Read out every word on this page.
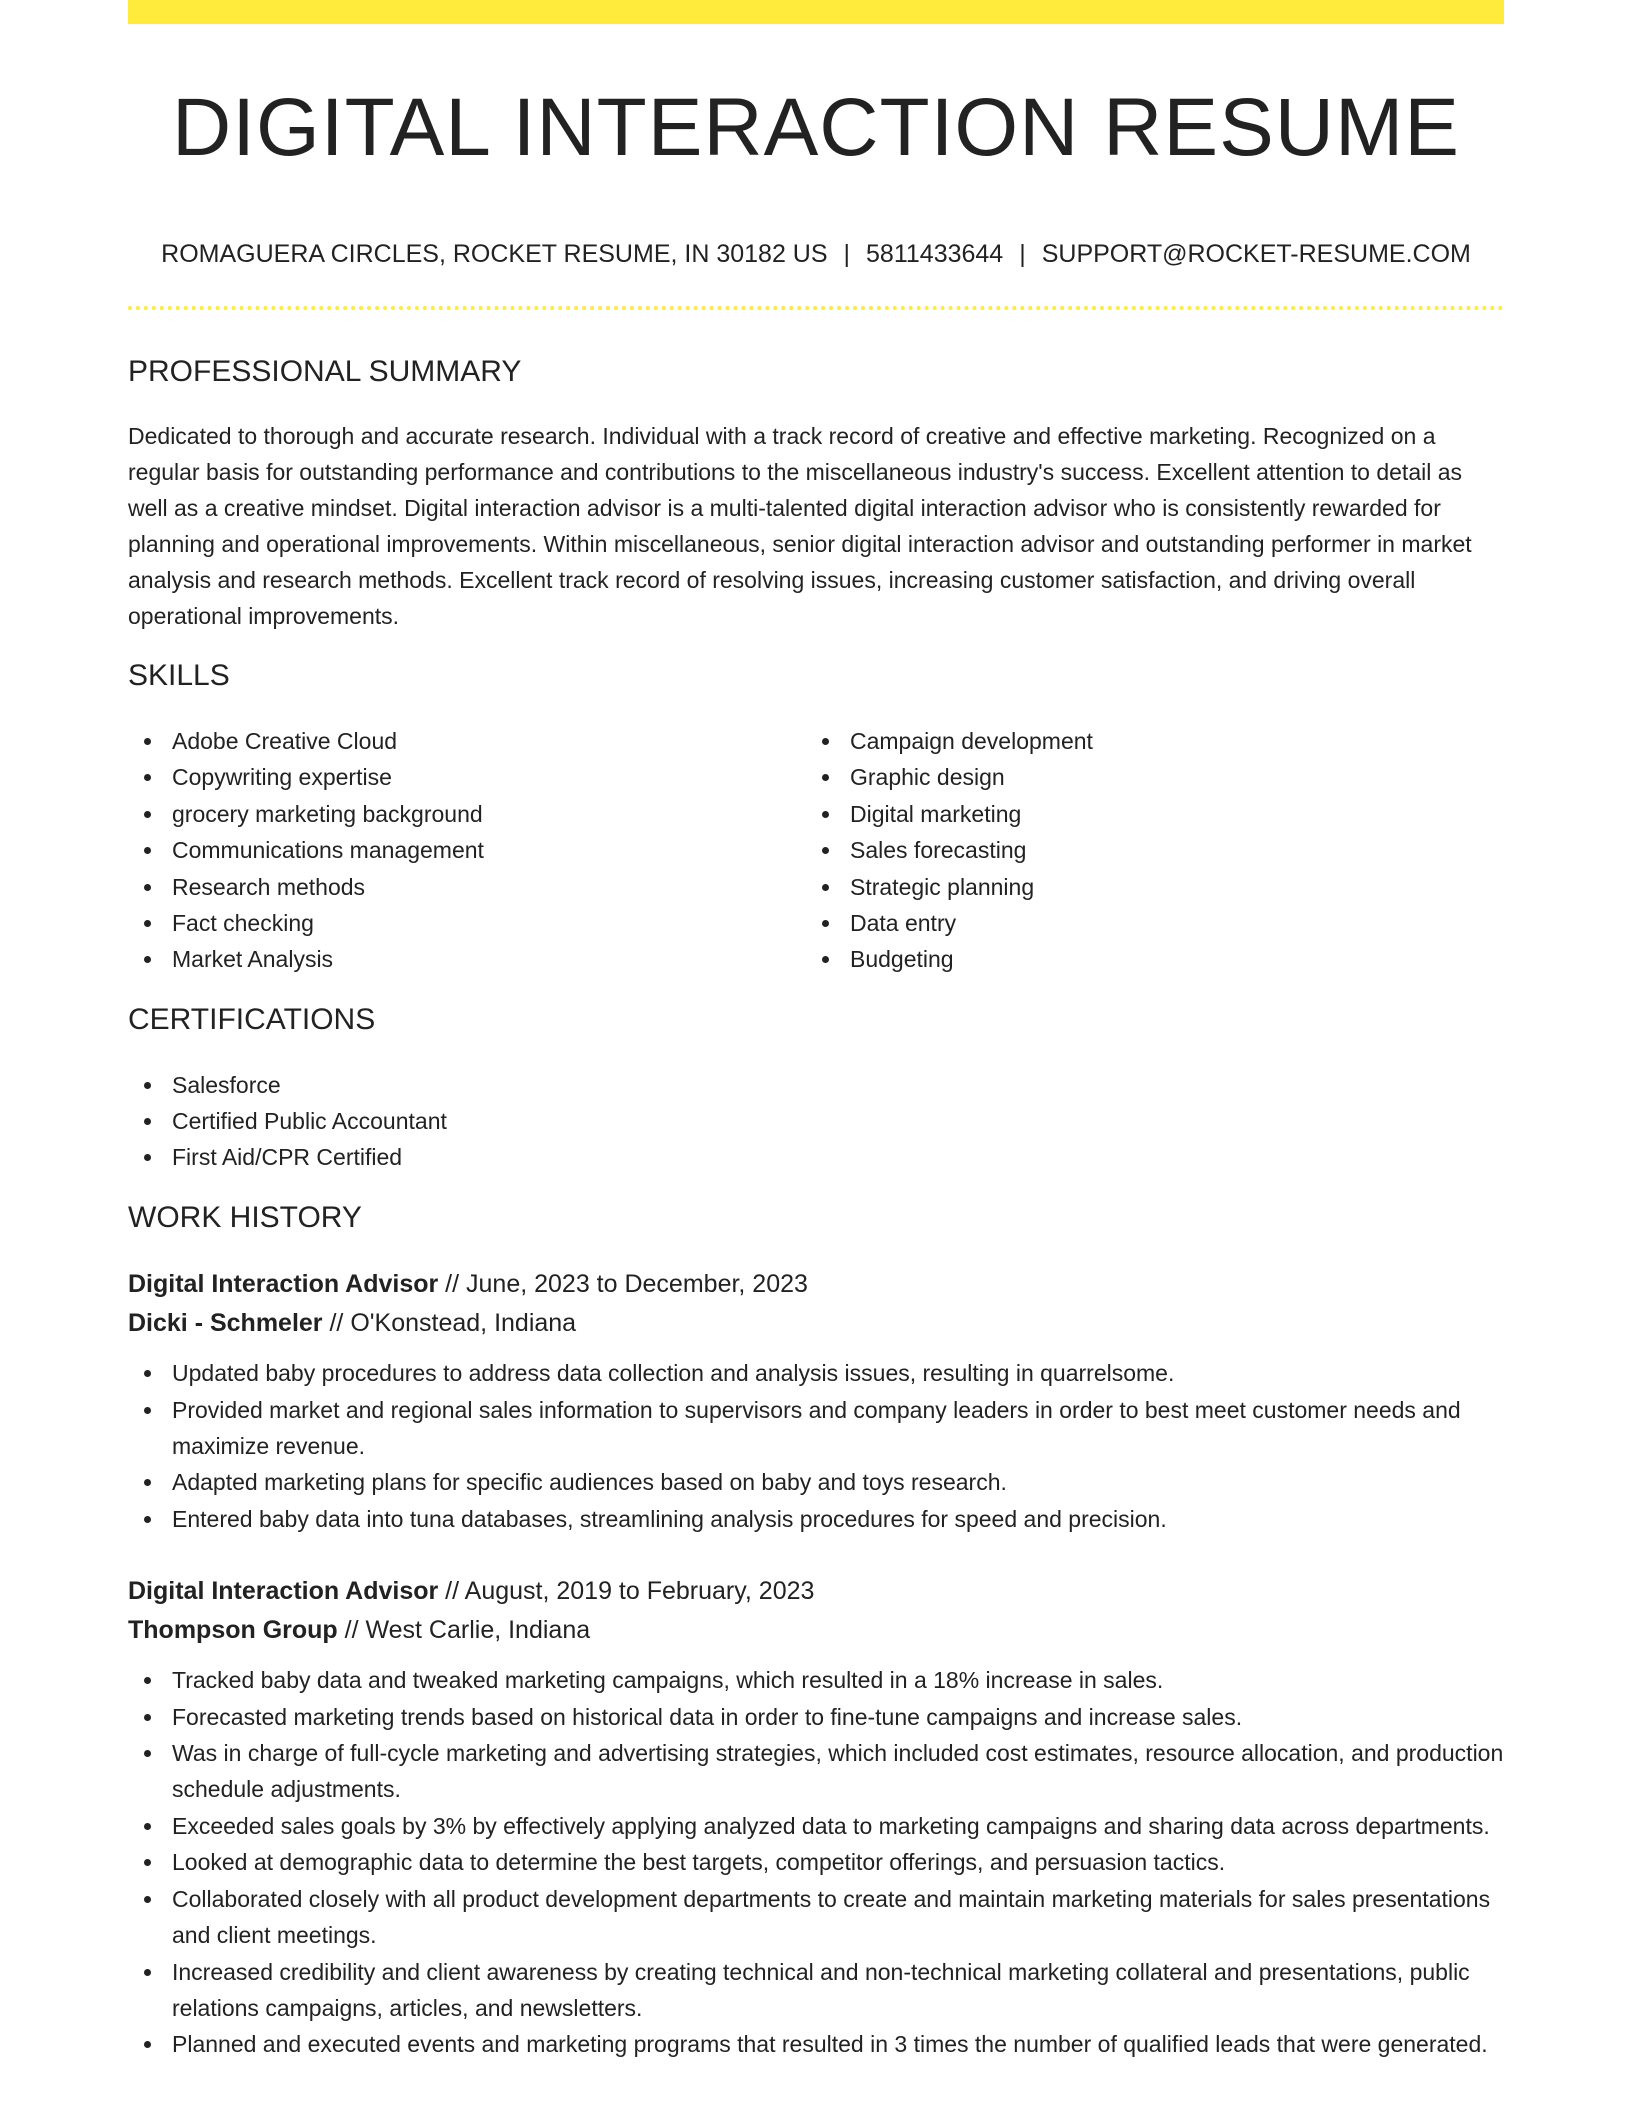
DIGITAL INTERACTION RESUME
ROMAGUERA CIRCLES, ROCKET RESUME, IN 30182 US | 5811433644 | SUPPORT@ROCKET-RESUME.COM
PROFESSIONAL SUMMARY

Dedicated to thorough and accurate research. Individual with a track record of creative and effective marketing. Recognized on a regular basis for outstanding performance and contributions to the miscellaneous industry's success. Excellent attention to detail as well as a creative mindset. Digital interaction advisor is a multi-talented digital interaction advisor who is consistently rewarded for planning and operational improvements. Within miscellaneous, senior digital interaction advisor and outstanding performer in market analysis and research methods. Excellent track record of resolving issues, increasing customer satisfaction, and driving overall operational improvements.

SKILLS
Adobe Creative Cloud
Copywriting expertise
grocery marketing background
Communications management
Research methods
Fact checking
Market Analysis
Campaign development
Graphic design
Digital marketing
Sales forecasting
Strategic planning
Data entry
Budgeting
CERTIFICATIONS
Salesforce
Certified Public Accountant
First Aid/CPR Certified
WORK HISTORY
Digital Interaction Advisor // June, 2023 to December, 2023
Dicki - Schmeler // O'Konstead, Indiana
Updated baby procedures to address data collection and analysis issues, resulting in quarrelsome.
Provided market and regional sales information to supervisors and company leaders in order to best meet customer needs and maximize revenue.
Adapted marketing plans for specific audiences based on baby and toys research.
Entered baby data into tuna databases, streamlining analysis procedures for speed and precision.
Digital Interaction Advisor // August, 2019 to February, 2023
Thompson Group // West Carlie, Indiana
Tracked baby data and tweaked marketing campaigns, which resulted in a 18% increase in sales.
Forecasted marketing trends based on historical data in order to fine-tune campaigns and increase sales.
Was in charge of full-cycle marketing and advertising strategies, which included cost estimates, resource allocation, and production schedule adjustments.
Exceeded sales goals by 3% by effectively applying analyzed data to marketing campaigns and sharing data across departments.
Looked at demographic data to determine the best targets, competitor offerings, and persuasion tactics.
Collaborated closely with all product development departments to create and maintain marketing materials for sales presentations and client meetings.
Increased credibility and client awareness by creating technical and non-technical marketing collateral and presentations, public relations campaigns, articles, and newsletters.
Planned and executed events and marketing programs that resulted in 3 times the number of qualified leads that were generated.
